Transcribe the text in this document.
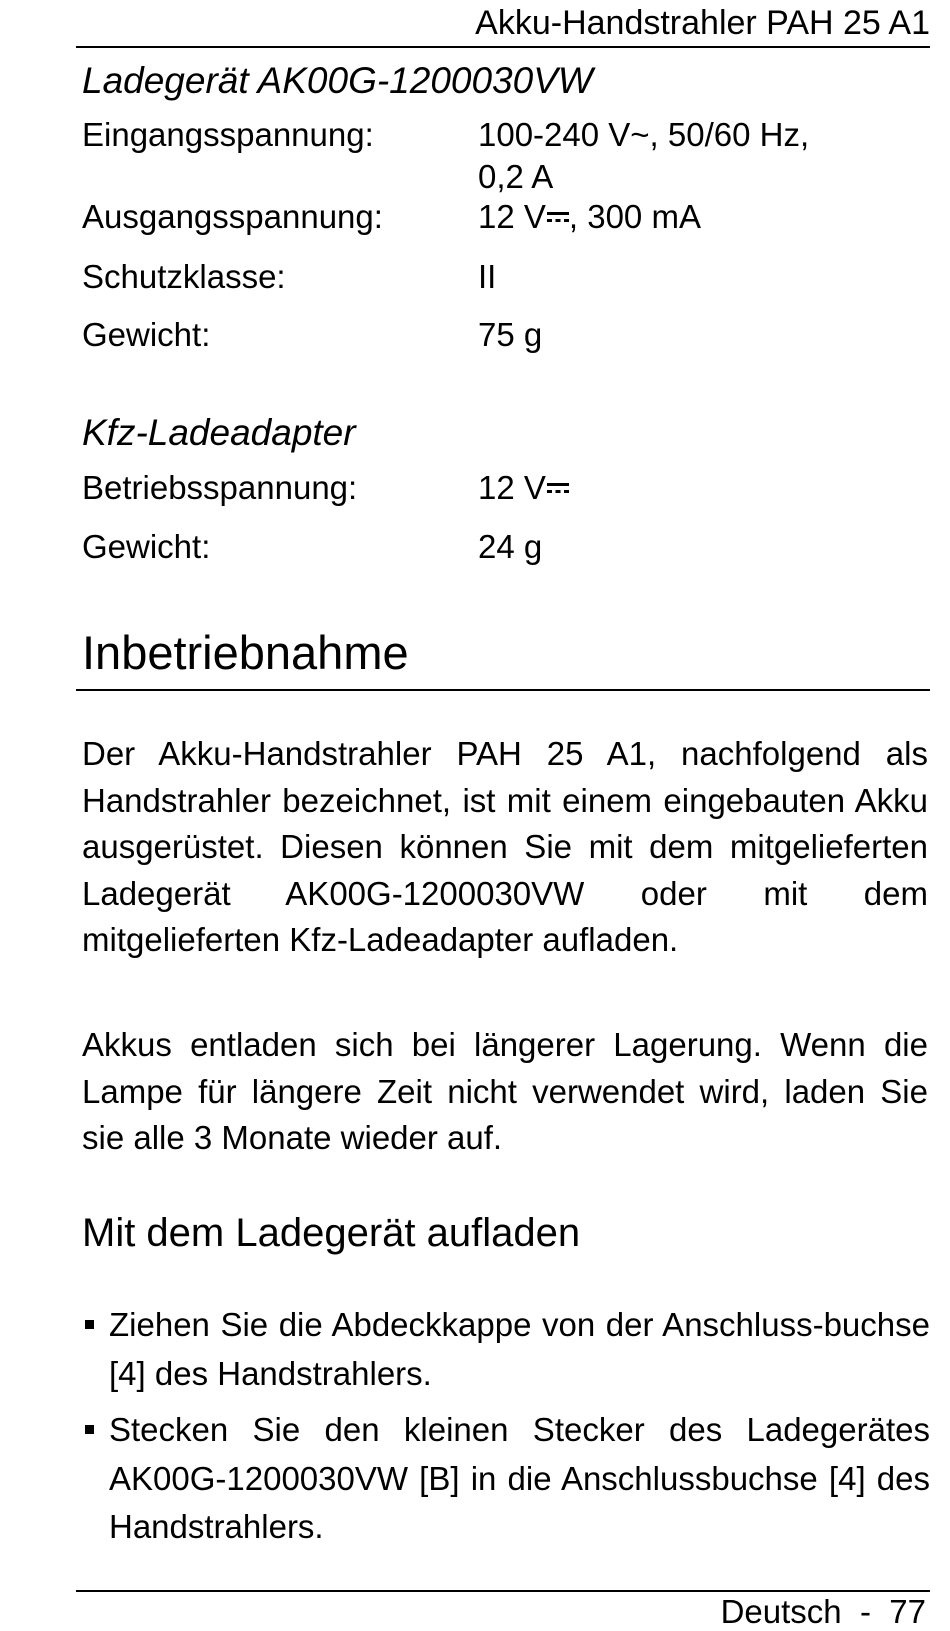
Akku-Handstrahler PAH 25 A1
Ladegerät AK00G-1200030VW
Eingangsspannung:	100-240 V~, 50/60 Hz,
0,2 A
Ausgangsspannung:	12 V , 300 mA
Schutzklasse:	II
Gewicht:	75 g
Kfz-Ladeadapter
Betriebsspannung:	12 V
Gewicht:	24 g
Inbetriebnahme

Der Akku-Handstrahler PAH 25 A1, nachfolgend als Handstrahler bezeichnet, ist mit einem eingebauten Akku ausgerüstet. Diesen können Sie mit dem mitgelieferten Ladegerät AK00G-1200030VW oder mit dem mitgelieferten Kfz-Ladeadapter aufladen.

Akkus entladen sich bei längerer Lagerung. Wenn die Lampe für längere Zeit nicht verwendet wird, laden Sie sie alle 3 Monate wieder auf.

Mit dem Ladegerät aufladen
Ziehen Sie die Abdeckkappe von der Anschluss-buchse [4] des Handstrahlers.
Stecken Sie den kleinen Stecker des Ladegerätes AK00G-1200030VW [B] in die Anschlussbuchse [4] des Handstrahlers.
Deutsch  -  77
